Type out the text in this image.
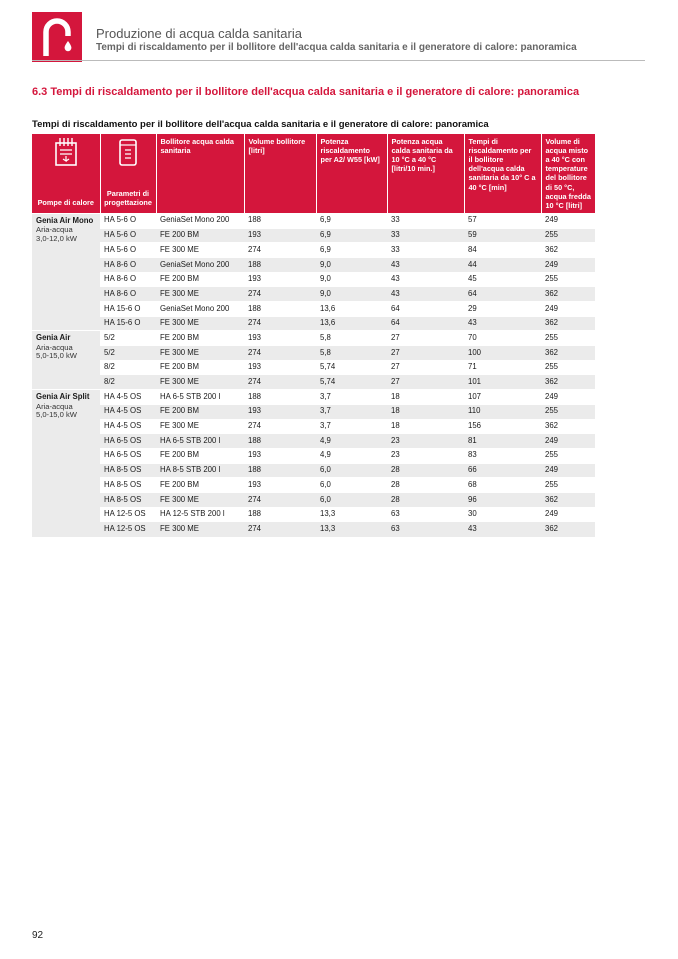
Produzione di acqua calda sanitaria
Tempi di riscaldamento per il bollitore dell'acqua calda sanitaria e il generatore di calore: panoramica
6.3 Tempi di riscaldamento per il bollitore dell'acqua calda sanitaria e il generatore di calore: panoramica
Tempi di riscaldamento per il bollitore dell'acqua calda sanitaria e il generatore di calore: panoramica
Pompe di calore	Parametri di progettazione	Bollitore acqua calda sanitaria	Volume bollitore [litri]	Potenza riscaldamento per A2/ W55 [kW]	Potenza acqua calda sanitaria da 10 °C a 40 °C [litri/10 min.]	Tempi di riscaldamento per il bollitore dell'acqua calda sanitaria da 10° C a 40 °C [min]	Volume di acqua misto a 40 °C con temperature del bollitore di 50 °C, acqua fredda 10 °C [litri]

Genia Air Mono
Aria-acqua
3,0-12,0 kW	HA 5-6 O	GeniaSet Mono 200	188	6,9	33	57	249
	HA 5-6 O	FE 200 BM	193	6,9	33	59	255
	HA 5-6 O	FE 300 ME	274	6,9	33	84	362
	HA 8-6 O	GeniaSet Mono 200	188	9,0	43	44	249
	HA 8-6 O	FE 200 BM	193	9,0	43	45	255
	HA 8-6 O	FE 300 ME	274	9,0	43	64	362
	HA 15-6 O	GeniaSet Mono 200	188	13,6	64	29	249
	HA 15-6 O	FE 300 ME	274	13,6	64	43	362

Genia Air
Aria-acqua
5,0-15,0 kW	5/2	FE 200 BM	193	5,8	27	70	255
	5/2	FE 300 ME	274	5,8	27	100	362
	8/2	FE 200 BM	193	5,74	27	71	255
	8/2	FE 300 ME	274	5,74	27	101	362

Genia Air Split
Aria-acqua
5,0-15,0 kW	HA 4-5 OS	HA 6-5 STB 200 l	188	3,7	18	107	249
	HA 4-5 OS	FE 200 BM	193	3,7	18	110	255
	HA 4-5 OS	FE 300 ME	274	3,7	18	156	362
	HA 6-5 OS	HA 6-5 STB 200 l	188	4,9	23	81	249
	HA 6-5 OS	FE 200 BM	193	4,9	23	83	255
	HA 8-5 OS	HA 8-5 STB 200 l	188	6,0	28	66	249
	HA 8-5 OS	FE 200 BM	193	6,0	28	68	255
	HA 8-5 OS	FE 300 ME	274	6,0	28	96	362
	HA 12-5 OS	HA 12-5 STB 200 l	188	13,3	63	30	249
	HA 12-5 OS	FE 300 ME	274	13,3	63	43	362
92
